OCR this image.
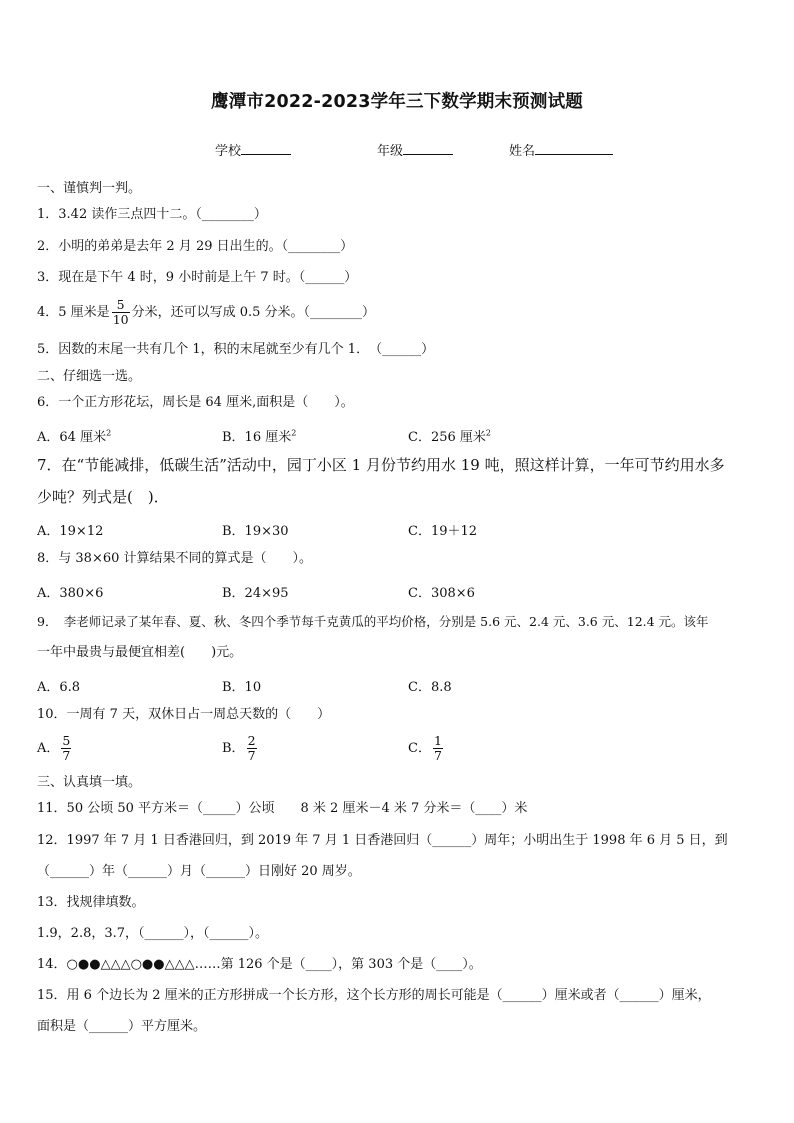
鹰潭市2022-2023学年三下数学期末预测试题
学校	年级	姓名
一、谨慎判一判。
1．3.42 读作三点四十二。（________）
2．小明的弟弟是去年 2 月 29 日出生的。（________）
3．现在是下午 4 时，9 小时前是上午 7 时。（______）
4．5 厘米是 $\frac{5}{10}$ 分米，还可以写成 0.5 分米。（________）
5．因数的末尾一共有几个 1，积的末尾就至少有几个 1．　（______）
二、仔细选一选。
6．一个正方形花坛，周长是 64 厘米,面积是（　　）。
A．64 厘米$^2$	B．16 厘米$^2$	C．256 厘米$^2$
7．在“节能减排，低碳生活”活动中，园丁小区 1 月份节约用水 19 吨，照这样计算，一年可节约用水多
少吨？列式是(　)．
A．19×12	B．19×30	C．19＋12
8．与 38×60 计算结果不同的算式是（　　）。
A．380×6	B．24×95	C．308×6
9．　李老师记录了某年春、夏、秋、冬四个季节每千克黄瓜的平均价格，分别是 5.6 元、2.4 元、3.6 元、12.4 元。该年
一年中最贵与最便宜相差(　　)元。
A．6.8	B．10	C．8.8
10．一周有 7 天，双休日占一周总天数的（　　）
A． $\frac{5}{7}$	B． $\frac{2}{7}$	C． $\frac{1}{7}$
三、认真填一填。
11．50 公顷 50 平方米＝（_____）公顷　　8 米 2 厘米－4 米 7 分米＝（____）米
12．1997 年 7 月 1 日香港回归，到 2019 年 7 月 1 日香港回归（______）周年；小明出生于 1998 年 6 月 5 日，到
（______）年（______）月（______）日刚好 20 周岁。
13．找规律填数。
1.9，2.8，3.7，（______），（______）。
14．○●●△△△○●●△△△……第 126 个是（____），第 303 个是（____）。
15．用 6 个边长为 2 厘米的正方形拼成一个长方形，这个长方形的周长可能是（______）厘米或者（______）厘米，
面积是（______）平方厘米。
